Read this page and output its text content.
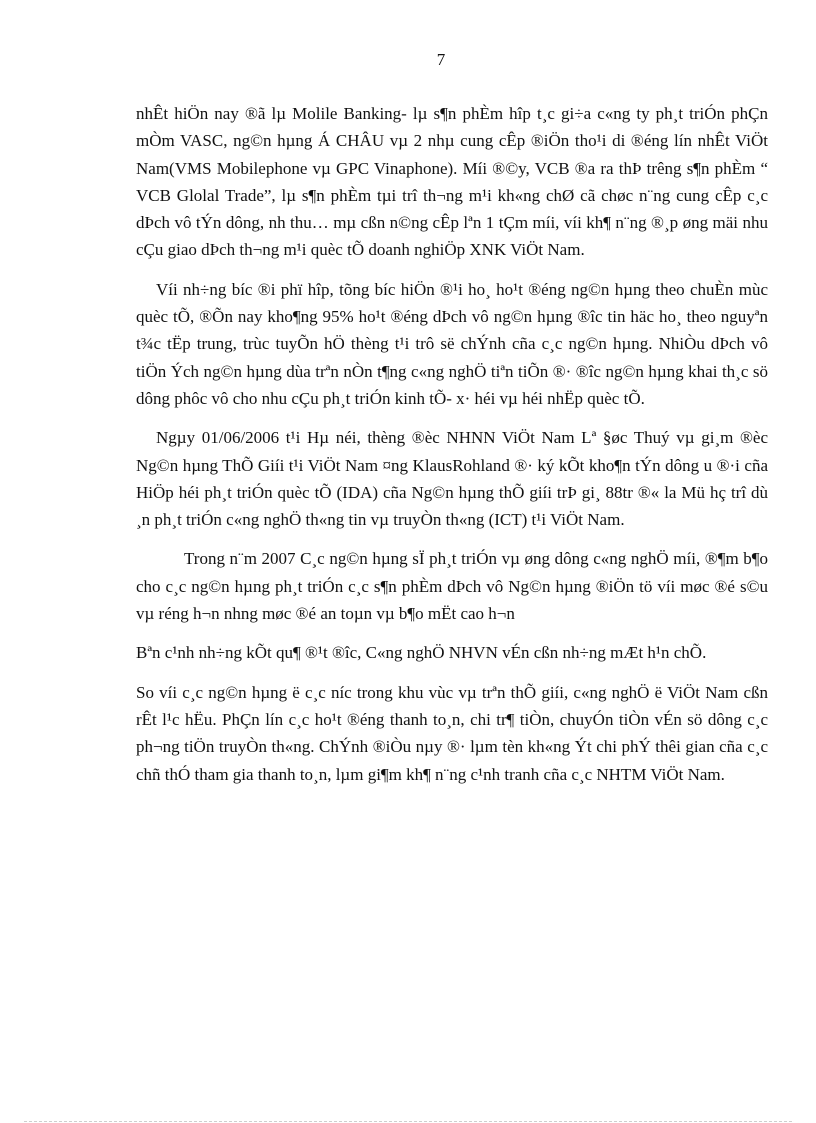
7

nhÊt hiÖn nay ®ã lµ Molile Banking- lµ s¶n phÈm hîp t¸c gi÷a c«ng ty ph¸t triÓn phÇn mÒm VASC, ng©n hµng Á CHÂU vµ 2 nhµ cung cÊp ®iÖn tho¹i di ®éng lín nhÊt ViÖt Nam(VMS Mobilephone vµ GPC Vinaphone). Míi ®©y, VCB ®a ra thÞ trêng s¶n phÈm “ VCB Glolal Trade”, lµ s¶n phÈm tµi trî th¬ng m¹i kh«ng chØ cã chøc n¨ng cung cÊp c¸c dÞch vô tÝn dông, nh thu… mµ cßn n©ng cÊp lªn 1 tÇm míi, víi kh¶ n¨ng ®¸p øng mäi nhu cÇu giao dÞch th¬ng m¹i quèc tÕ doanh nghiÖp XNK ViÖt Nam.

Víi nh÷ng bíc ®i phï hîp, tõng bíc hiÖn ®¹i ho¸ ho¹t ®éng ng©n hµng theo chuÈn mùc quèc tÕ, ®Õn nay kho¶ng 95% ho¹t ®éng dÞch vô ng©n hµng ®îc tin häc ho¸ theo nguyªn t¾c tËp trung, trùc tuyÕn hÖ thèng t¹i trô së chÝnh cña c¸c ng©n hµng. NhiÒu dÞch vô tiÖn Ých ng©n hµng dùa trªn nÒn t¶ng c«ng nghÖ tiªn tiÕn ®· ®îc ng©n hµng khai th¸c sö dông phôc vô cho nhu cÇu ph¸t triÓn kinh tÕ- x· héi vµ héi nhËp quèc tÕ.

Ngµy 01/06/2006 t¹i Hµ néi, thèng ®èc NHNN ViÖt Nam Lª §øc Thuý vµ gi¸m ®èc Ng©n hµng ThÕ Giíi t¹i ViÖt Nam ¤ng KlausRohland ®· ký kÕt kho¶n tÝn dông u ®·i cña HiÖp héi ph¸t triÓn quèc tÕ (IDA) cña Ng©n hµng thÕ giíi trÞ gi¸ 88tr ®« la Mü hç trî dù ¸n ph¸t triÓn c«ng nghÖ th«ng tin vµ truyÒn th«ng (ICT) t¹i ViÖt Nam.

Trong n¨m 2007 C¸c ng©n hµng sÏ ph¸t triÓn vµ øng dông c«ng nghÖ míi, ®¶m b¶o cho c¸c ng©n hµng ph¸t triÓn c¸c s¶n phÈm dÞch vô Ng©n hµng ®iÖn tö víi møc ®é s©u vµ réng h¬n nhng møc ®é an toµn vµ b¶o mËt cao h¬n

Bªn c¹nh nh÷ng kÕt qu¶ ®¹t ®îc, C«ng nghÖ NHVN vÉn cßn nh÷ng mÆt h¹n chÕ.

So víi c¸c ng©n hµng ë c¸c níc trong khu vùc vµ trªn thÕ giíi, c«ng nghÖ ë ViÖt Nam cßn rÊt l¹c hËu. PhÇn lín c¸c ho¹t ®éng thanh to¸n, chi tr¶ tiÒn, chuyÓn tiÒn vÉn sö dông c¸c ph¬ng tiÖn truyÒn th«ng. ChÝnh ®iÒu nµy ®· lµm tèn kh«ng Ýt chi phÝ thêi gian cña c¸c chñ thÓ tham gia thanh to¸n, lµm gi¶m kh¶ n¨ng c¹nh tranh cña c¸c NHTM ViÖt Nam.
